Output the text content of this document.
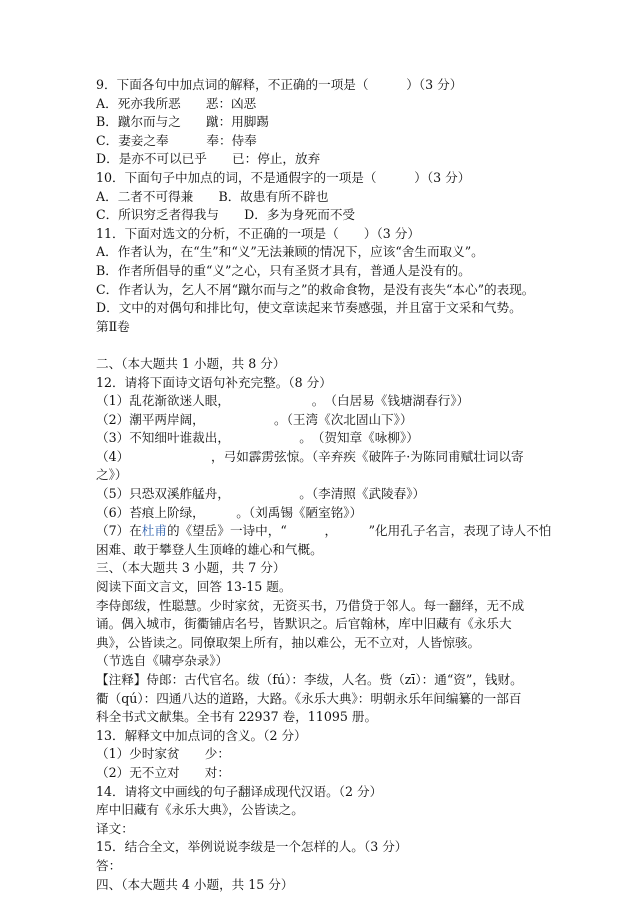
9．下面各句中加点词的解释，不正确的一项是（　　　）（3 分）
A．死亦我所恶　　恶：凶恶
B．蹴尔而与之　　蹴：用脚踢
C．妻妾之奉　　　奉：侍奉
D．是亦不可以已乎　　已：停止，放弃
10．下面句子中加点的词，不是通假字的一项是（　　　）（3 分）
A．二者不可得兼　　B．故患有所不辟也
C．所识穷乏者得我与　　D．多为身死而不受
11．下面对选文的分析，不正确的一项是（　　）（3 分）
A．作者认为，在“生”和“义”无法兼顾的情况下，应该“舍生而取义”。
B．作者所倡导的重“义”之心，只有圣贤才具有，普通人是没有的。
C．作者认为，乞人不屑“蹴尔而与之”的救命食物，是没有丧失“本心”的表现。
D．文中的对偶句和排比句，使文章读起来节奏感强，并且富于文采和气势。
第Ⅱ卷
二、（本大题共 1 小题，共 8 分）
12．请将下面诗文语句补充完整。（8 分）
（1）乱花渐欲迷人眼，　　　　　　　。　（白居易《钱塘湖春行》）
（2）潮平两岸阔，　　　　　　。（王湾《次北固山下》）
（3）不知细叶谁裁出，　　　　　　。　（贺知章《咏柳》）
（4）　　　　　　　，弓如霹雳弦惊。（辛弃疾《破阵子·为陈同甫赋壮词以寄
之》）
（5）只恐双溪舴艋舟，　　　　　　。（李清照《武陵春》）
（6）苔痕上阶绿，　　　。（刘禹锡《陋室铭》）
（7）在杜甫的《望岳》一诗中，“　　　，　　　”化用孔子名言，表现了诗人不怕
困难、敢于攀登人生顶峰的雄心和气概。
三、（本大题共 3 小题，共 7 分）
阅读下面文言文，回答 13-15 题。
李侍郎绂，性聪慧。少时家贫，无资买书，乃借贷于邻人。每一翻绎，无不成
诵。偶入城市，街衢铺店名号，皆默识之。后官翰林，库中旧藏有《永乐大
典》，公皆读之。同僚取架上所有，抽以难公，无不立对，人皆惊骇。
（节选自《啸亭杂录》）
【注释】侍郎：古代官名。绂（fú）：李绂，人名。赀（zī）：通“资”，钱财。
衢（qú）：四通八达的道路，大路。《永乐大典》：明朝永乐年间编纂的一部百
科全书式文献集。全书有 22937 卷，11095 册。
13．解释文中加点词的含义。（2 分）
（1）少时家贫　　少：
（2）无不立对　　对：
14．请将文中画线的句子翻译成现代汉语。（2 分）
库中旧藏有《永乐大典》，公皆读之。
译文：
15．结合全文，举例说说李绂是一个怎样的人。（3 分）
答：
四、（本大题共 4 小题，共 15 分）
